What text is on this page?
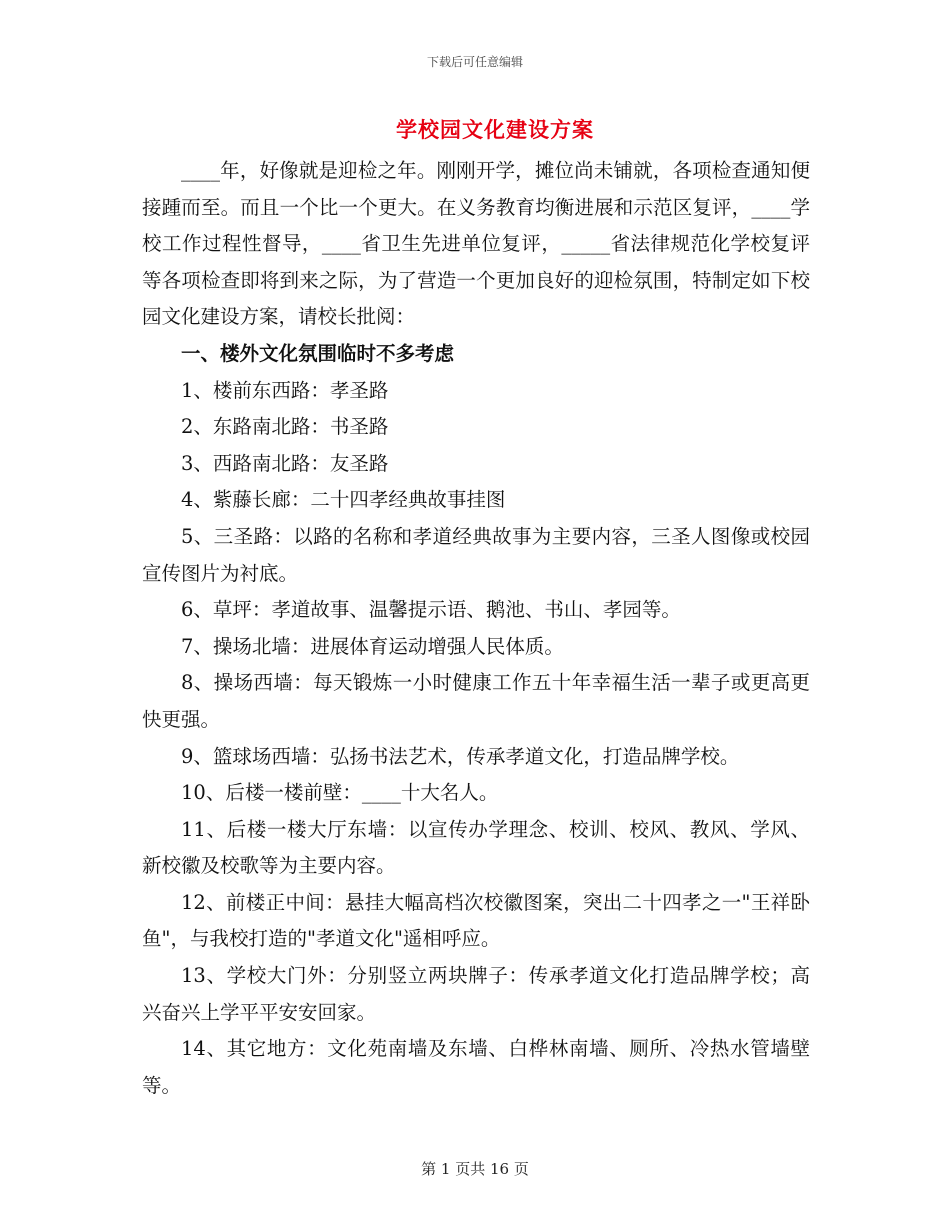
下载后可任意编辑
学校园文化建设方案

____年，好像就是迎检之年。刚刚开学，摊位尚未铺就，各项检查通知便接踵而至。而且一个比一个更大。在义务教育均衡进展和示范区复评，____学校工作过程性督导，____省卫生先进单位复评，_____省法律规范化学校复评等各项检查即将到来之际，为了营造一个更加良好的迎检氛围，特制定如下校园文化建设方案，请校长批阅：

一、楼外文化氛围临时不多考虑

1、楼前东西路：孝圣路

2、东路南北路：书圣路

3、西路南北路：友圣路

4、紫藤长廊：二十四孝经典故事挂图

5、三圣路：以路的名称和孝道经典故事为主要内容，三圣人图像或校园宣传图片为衬底。

6、草坪：孝道故事、温馨提示语、鹅池、书山、孝园等。

7、操场北墙：进展体育运动增强人民体质。

8、操场西墙：每天锻炼一小时健康工作五十年幸福生活一辈子或更高更快更强。

9、篮球场西墙：弘扬书法艺术，传承孝道文化，打造品牌学校。

10、后楼一楼前壁：____十大名人。

11、后楼一楼大厅东墙：以宣传办学理念、校训、校风、教风、学风、新校徽及校歌等为主要内容。

12、前楼正中间：悬挂大幅高档次校徽图案，突出二十四孝之一"王祥卧鱼"，与我校打造的"孝道文化"遥相呼应。

13、学校大门外：分别竖立两块牌子：传承孝道文化打造品牌学校；高兴奋兴上学平平安安回家。

14、其它地方：文化苑南墙及东墙、白桦林南墙、厕所、冷热水管墙壁等。

第 1 页共 16 页
